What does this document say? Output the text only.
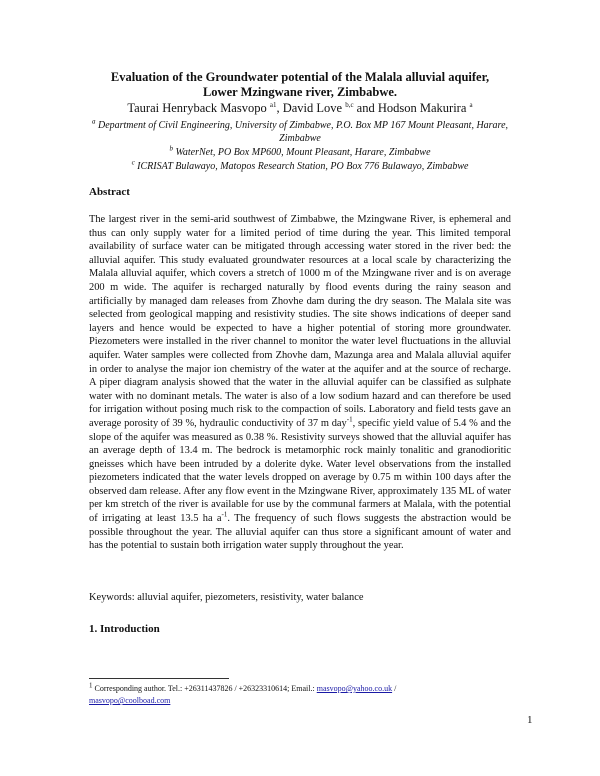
Evaluation of the Groundwater potential of the Malala alluvial aquifer,
Lower Mzingwane river, Zimbabwe.
Taurai Henryback Masvopo $^{a1}$, David Love $^{b,c}$ and Hodson Makurira $^a$
$^a$ Department of Civil Engineering, University of Zimbabwe, P.O. Box MP 167 Mount Pleasant, Harare, Zimbabwe
$^b$ WaterNet, PO Box MP600, Mount Pleasant, Harare, Zimbabwe
$^c$ ICRISAT Bulawayo, Matopos Research Station, PO Box 776 Bulawayo, Zimbabwe
Abstract

The largest river in the semi-arid southwest of Zimbabwe, the Mzingwane River, is ephemeral and thus can only supply water for a limited period of time during the year. This limited temporal availability of surface water can be mitigated through accessing water stored in the river bed: the alluvial aquifer. This study evaluated groundwater resources at a local scale by characterizing the Malala alluvial aquifer, which covers a stretch of 1000 m of the Mzingwane river and is on average 200 m wide. The aquifer is recharged naturally by flood events during the rainy season and artificially by managed dam releases from Zhovhe dam during the dry season. The Malala site was selected from geological mapping and resistivity studies. The site shows indications of deeper sand layers and hence would be expected to have a higher potential of storing more groundwater. Piezometers were installed in the river channel to monitor the water level fluctuations in the alluvial aquifer. Water samples were collected from Zhovhe dam, Mazunga area and Malala alluvial aquifer in order to analyse the major ion chemistry of the water at the aquifer and at the source of recharge. A piper diagram analysis showed that the water in the alluvial aquifer can be classified as sulphate water with no dominant metals. The water is also of a low sodium hazard and can therefore be used for irrigation without posing much risk to the compaction of soils. Laboratory and field tests gave an average porosity of 39 %, hydraulic conductivity of 37 m day$^{-1}$, specific yield value of 5.4 % and the slope of the aquifer was measured as 0.38 %. Resistivity surveys showed that the alluvial aquifer has an average depth of 13.4 m. The bedrock is metamorphic rock mainly tonalitic and granodioritic gneisses which have been intruded by a dolerite dyke. Water level observations from the installed piezometers indicated that the water levels dropped on average by 0.75 m within 100 days after the observed dam release. After any flow event in the Mzingwane River, approximately 135 ML of water per km stretch of the river is available for use by the communal farmers at Malala, with the potential of irrigating at least 13.5 ha $a^{-1}$. The frequency of such flows suggests the abstraction would be possible throughout the year. The alluvial aquifer can thus store a significant amount of water and has the potential to sustain both irrigation water supply throughout the year.

Keywords: alluvial aquifer, piezometers, resistivity, water balance
1. Introduction
$^1$ Corresponding author. Tel.: +26311437826 / +26323310614; Email.: masvopo@yahoo.co.uk /
masvopo@coolboad.com
1
